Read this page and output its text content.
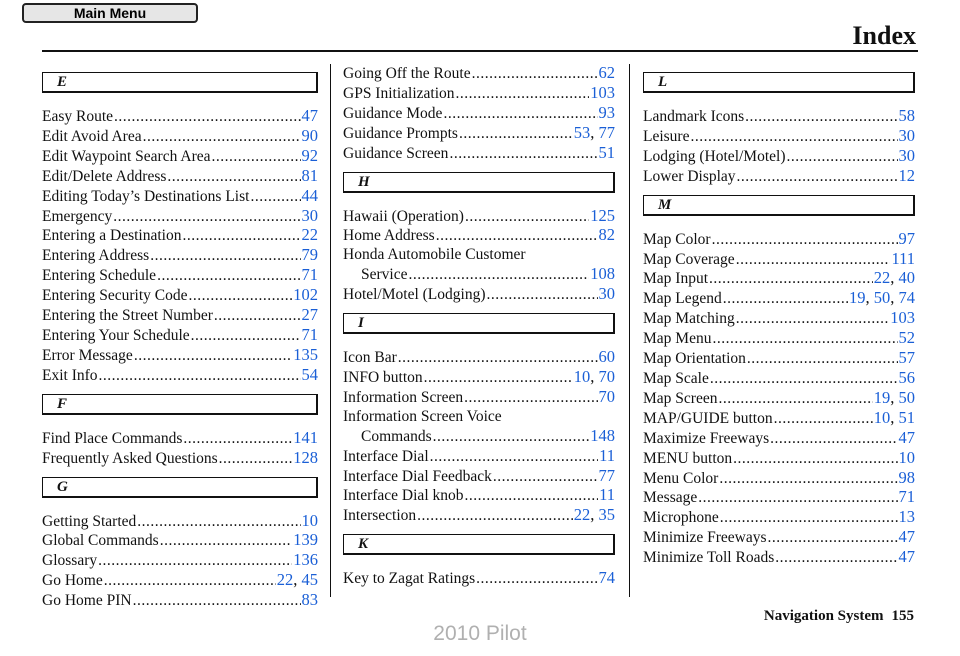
Main Menu
Index
E
Easy Route .....	47
Edit Avoid Area .....	90
Edit Waypoint Search Area .....	92
Edit/Delete Address .....	81
Editing Today’s Destinations List .....	44
Emergency .....	30
Entering a Destination .....	22
Entering Address .....	79
Entering Schedule .....	71
Entering Security Code .....	102
Entering the Street Number .....	27
Entering Your Schedule .....	71
Error Message .....	135
Exit Info .....	54
F
Find Place Commands .....	141
Frequently Asked Questions .....	128
G
Getting Started .....	10
Global Commands .....	139
Glossary .....	136
Go Home .....	22, 45
Go Home PIN .....	83
Going Off the Route .....	62
GPS Initialization .....	103
Guidance Mode .....	93
Guidance Prompts .....	53, 77
Guidance Screen .....	51
H
Hawaii (Operation) .....	125
Home Address .....	82
Honda Automobile Customer
Service .....	108
Hotel/Motel (Lodging) .....	30
I
Icon Bar .....	60
INFO button .....	10, 70
Information Screen .....	70
Information Screen Voice
Commands .....	148
Interface Dial .....	11
Interface Dial Feedback .....	77
Interface Dial knob .....	11
Intersection .....	22, 35
K
Key to Zagat Ratings .....	74
L
Landmark Icons .....	58
Leisure .....	30
Lodging (Hotel/Motel) .....	30
Lower Display .....	12
M
Map Color .....	97
Map Coverage .....	111
Map Input .....	22, 40
Map Legend .....	19, 50, 74
Map Matching .....	103
Map Menu .....	52
Map Orientation .....	57
Map Scale .....	56
Map Screen .....	19, 50
MAP/GUIDE button .....	10, 51
Maximize Freeways .....	47
MENU button .....	10
Menu Color .....	98
Message .....	71
Microphone .....	13
Minimize Freeways .....	47
Minimize Toll Roads .....	47
Navigation System 155
2010 Pilot
